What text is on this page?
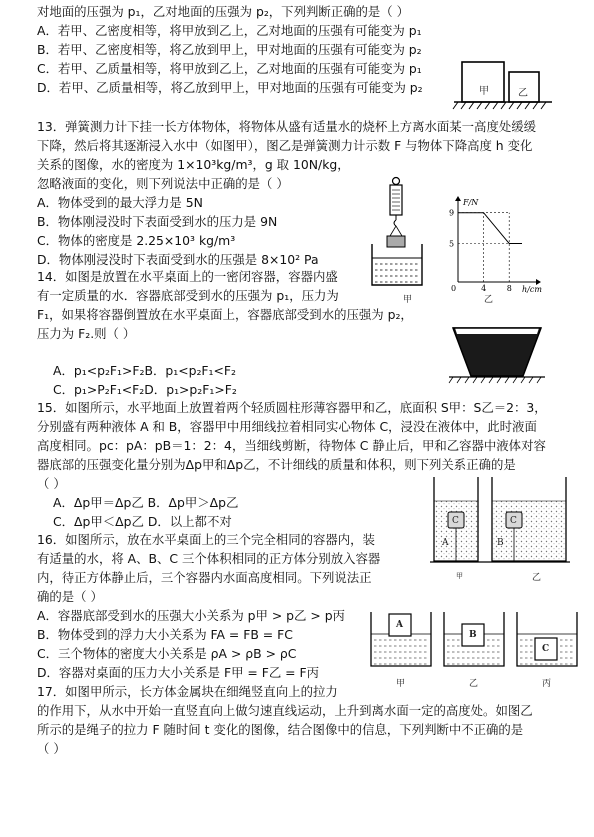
对地面的压强为 p₁，乙对地面的压强为 p₂，下列判断正确的是（ ）
A．若甲、乙密度相等，将甲放到乙上，乙对地面的压强有可能变为 p₁
B．若甲、乙密度相等，将乙放到甲上，甲对地面的压强有可能变为 p₂
C．若甲、乙质量相等，将甲放到乙上，乙对地面的压强有可能变为 p₁
D．若甲、乙质量相等，将乙放到甲上，甲对地面的压强有可能变为 p₂	甲	乙
13．弹簧测力计下挂一长方体物体，将物体从盛有适量水的烧杯上方离水面某一高度处缓缓
下降，然后将其逐渐浸入水中（如图甲），图乙是弹簧测力计示数 F 与物体下降高度 h 变化
关系的图像，水的密度为 1×10³kg/m³，g 取 10N/kg，
忽略液面的变化，则下列说法中正确的是（ ）
A．物体受到的最大浮力是 5N
B．物体刚浸没时下表面受到水的压力是 9N
C．物体的密度是 2.25×10³ kg/m³
D．物体刚浸没时下表面受到水的压强是 8×10² Pa
甲
F/N
h/cm
9
5
0	4	8
乙
14．如图是放置在水平桌面上的一密闭容器，容器内盛
有一定质量的水．容器底部受到水的压强为 p₁，压力为
F₁，如果将容器倒置放在水平桌面上，容器底部受到水的压强为 p₂，
压力为 F₂.则（ ）
A．p₁<p₂F₁>F₂B．p₁<p₂F₁<F₂
C．p₁>P₂F₁<F₂D．p₁>p₂F₁>F₂
15．如图所示，水平地面上放置着两个轻质圆柱形薄容器甲和乙，底面积 S甲：S乙＝2：3，
分别盛有两种液体 A 和 B，容器甲中用细线拉着相同实心物体 C，浸没在液体中，此时液面
高度相同。pc：pA：pB＝1：2：4，当细线剪断，待物体 C 静止后，甲和乙容器中液体对容
器底部的压强变化量分别为Δp甲和Δp乙，不计细线的质量和体积，则下列关系正确的是
（ ）
A．Δp甲＝Δp乙 B．Δp甲＞Δp乙
C．Δp甲＜Δp乙 D．以上都不对	C	C
A	B
甲	乙
16．如图所示，放在水平桌面上的三个完全相同的容器内，装
有适量的水，将 A、B、C 三个体积相同的正方体分别放入容器
内，待正方体静止后，三个容器内水面高度相同。下列说法正
确的是（ ）
A．容器底部受到水的压强大小关系为 p甲 > p乙 > p丙
B．物体受到的浮力大小关系为 FA = FB = FC
C．三个物体的密度大小关系是 ρA > ρB > ρC
D．容器对桌面的压力大小关系是 F甲 = F乙 = F丙
A
B
C
甲	乙	丙
17．如图甲所示，长方体金属块在细绳竖直向上的拉力
的作用下，从水中开始一直竖直向上做匀速直线运动，上升到离水面一定的高度处。如图乙
所示的是绳子的拉力 F 随时间 t 变化的图像，结合图像中的信息，下列判断中不正确的是
（ ）
